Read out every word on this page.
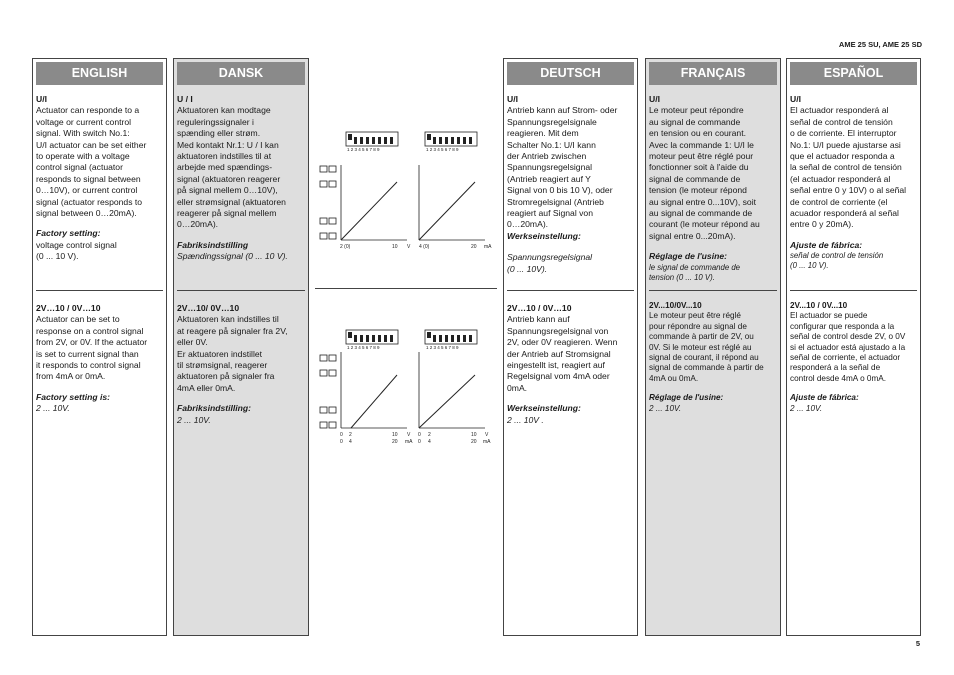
AME 25 SU, AME 25 SD
ENGLISH
U/I
Actuator can responde to a
voltage or current control
signal. With switch No.1:
U/I actuator can be set either
to operate with a voltage
control signal (actuator
responds to signal between
0…10V), or current control
signal (actuator responds to
signal between 0…20mA).
Factory setting:
voltage control signal
(0 ... 10 V).
2V…10 / 0V…10
Actuator can be set to
response on a control signal
from 2V, or 0V. If the actuator
is set to current signal than
it responds to control signal
from 4mA or 0mA.
Factory setting is:
2 ... 10V.
DANSK
U / I
Aktuatoren kan modtage
reguleringssignaler i
spænding eller strøm.
Med kontakt Nr.1: U / I kan
aktuatoren indstilles til at
arbejde med spændings-
signal (aktuatoren reagerer
på signal mellem 0…10V),
eller strømsignal (aktuatoren
reagerer på signal mellem
0…20mA).
Fabriksindstilling
Spændingssignal (0 ... 10 V).
2V…10/ 0V…10
Aktuatoren kan indstilles til
at reagere på signaler fra 2V,
eller 0V.
Er aktuatoren indstillet
til strømsignal, reagerer
aktuatoren på signaler fra
4mA eller 0mA.
Fabriksindstilling:
2 ... 10V.
1 2 3 4 5 6 7 8 9	1 2 3 4 5 6 7 8 9
1 2 3 4 5 6 7 8 9	1 2 3 4 5 6 7 8 9
2 (0)	10 V 4 (0)	20 mA
0 2	10 V
0 4	20 mA
0 2	10 V
0 4	20 mA
DEUTSCH
U/I
Antrieb kann auf Strom- oder
Spannungsregelsignale
reagieren. Mit dem
Schalter No.1: U/I kann
der Antrieb zwischen
Spannungsregelsignal
(Antrieb reagiert auf Y
Signal von 0 bis 10 V), oder
Stromregelsignal (Antrieb
reagiert auf Signal von
0…20mA).
Werkseinstellung:
Spannungsregelsignal
(0 ... 10V).
2V…10 / 0V…10
Antrieb kann auf
Spannungsregelsignal von
2V, oder 0V reagieren. Wenn
der Antrieb auf Stromsignal
eingestellt ist, reagiert auf
Regelsignal vom 4mA oder
0mA.
Werkseinstellung:
2 ... 10V .
FRANÇAIS
U/I
Le moteur peut répondre
au signal de commande
en tension ou en courant.
Avec la commande 1: U/I le
moteur peut être réglé pour
fonctionner soit à l'aide du
signal de commande de
tension (le moteur répond
au signal entre 0...10V), soit
au signal de commande de
courant (le moteur répond au
signal entre 0...20mA).
Réglage de l'usine:
le signal de commande de
tension (0 ... 10 V).
2V...10/0V...10
Le moteur peut être réglé
pour répondre au signal de
commande à partir de 2V, ou
0V. Si le moteur est réglé au
signal de courant, il répond au
signal de commande à partir de
4mA ou 0mA.
Réglage de l'usine:
2 ... 10V.
ESPAÑOL
U/I
El actuador responderá al
señal de control de tensión
o de corriente. El interruptor
No.1: U/I puede ajustarse asi
que el actuador responda a
la señal de control de tensión
(el actuador responderá al
señal entre 0 y 10V) o al señal
de control de corriente (el
acuador responderá al señal
entre 0 y 20mA).
Ajuste de fábrica:
señal de control de tensión
(0 ... 10 V).
2V...10 / 0V...10
El actuador se puede
configurar que responda a la
señal de control desde 2V, o 0V
si el actuador está ajustado a la
señal de corriente, el actuador
responderá a la señal de
control desde 4mA o 0mA.
Ajuste de fábrica:
2 ... 10V.
5
